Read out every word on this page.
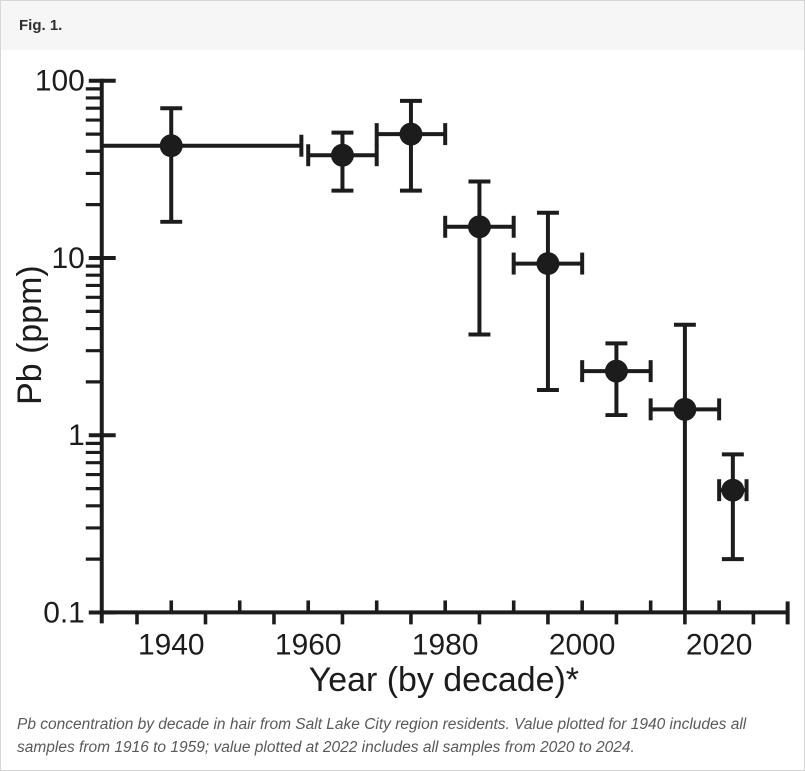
Fig. 1.
100
10
1
0.1
1940 1960 1980 2000 2020
Year (by decade)*
Pb (ppm)
Pb concentration by decade in hair from Salt Lake City region residents. Value plotted for 1940 includes all samples from 1916 to 1959; value plotted at 2022 includes all samples from 2020 to 2024.
